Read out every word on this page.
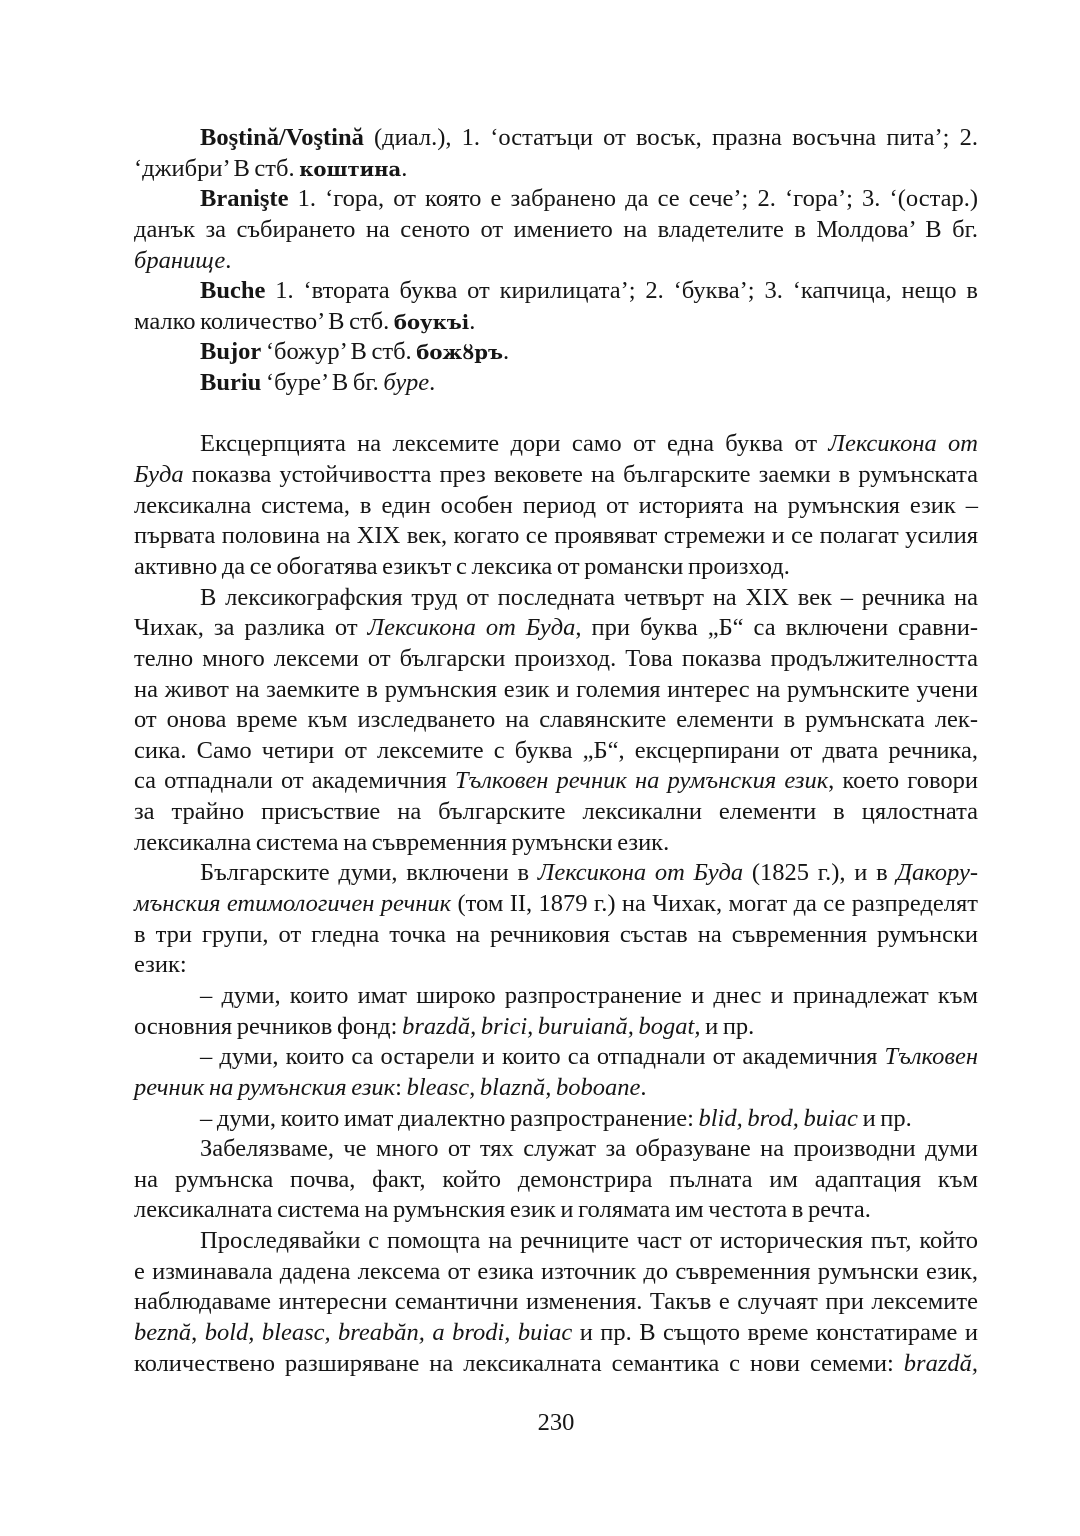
Boştină/Voştină (диал.), 1. ‘остатъци от восък, празна восъчна пита’; 2.
‘джибри’ В стб. коштина.
Branişte 1. ‘гора, от която е забранено да се сече’; 2. ‘гора’; 3. ‘(остар.)
данък за събирането на сеното от имението на владетелите в Молдова’ В бг.
бранище.
Buche 1. ‘втората буква от кирилицата’; 2. ‘буква’; 3. ‘капчица, нещо в
малко количество’ В стб. боукъі.
Bujor ‘божур’ В стб. божȣръ.
Buriu ‘буре’ В бг. буре.
Ексцерпцията на лексемите дори само от една буква от Лексикона от
Буда показва устойчивостта през вековете на българските заемки в румънската
лексикална система, в един особен период от историята на румънския език –
първата половина на XIX век, когато се проявяват стремежи и се полагат усилия
активно да се обогатява езикът с лексика от романски произход.
В лексикографския труд от последната четвърт на XIX век – речника на
Чихак, за разлика от Лексикона от Буда, при буква „Б“ са включени сравни-
телно много лексеми от български произход. Това показва продължителността
на живот на заемките в румънския език и големия интерес на румънските учени
от онова време към изследването на славянските елементи в румънската лек-
сика. Само четири от лексемите с буква „Б“, ексцерпирани от двата речника,
са отпаднали от академичния Тълковен речник на румънския език, което говори
за трайно присъствие на българските лексикални елементи в цялостната
лексикална система на съвременния румънски език.
Българските думи, включени в Лексикона от Буда (1825 г.), и в Дакору-
мънския етимологичен речник (том II, 1879 г.) на Чихак, могат да се разпределят
в три групи, от гледна точка на речниковия състав на съвременния румънски
език:
– думи, които имат широко разпространение и днес и принадлежат към
основния речников фонд: brazdă, brici, buruiană, bogat, и пр.
– думи, които са остарели и които са отпаднали от академичния Тълковен
речник на румънския език: bleasc, blaznă, boboane.
– думи, които имат диалектно разпространение: blid, brod, buiac и пр.
Забелязваме, че много от тях служат за образуване на производни думи
на румънска почва, факт, който демонстрира пълната им адаптация към
лексикалната система на румънския език и голямата им честота в речта.
Проследявайки с помощта на речниците част от историческия път, който
е изминавала дадена лексема от езика източник до съвременния румънски език,
наблюдаваме интересни семантични изменения. Такъв е случаят при лексемите
beznă, bold, bleasc, breabăn, a brodi, buiac и пр. В същото време констатираме и
количествено разширяване на лексикалната семантика с нови семеми: brazdă,
230
